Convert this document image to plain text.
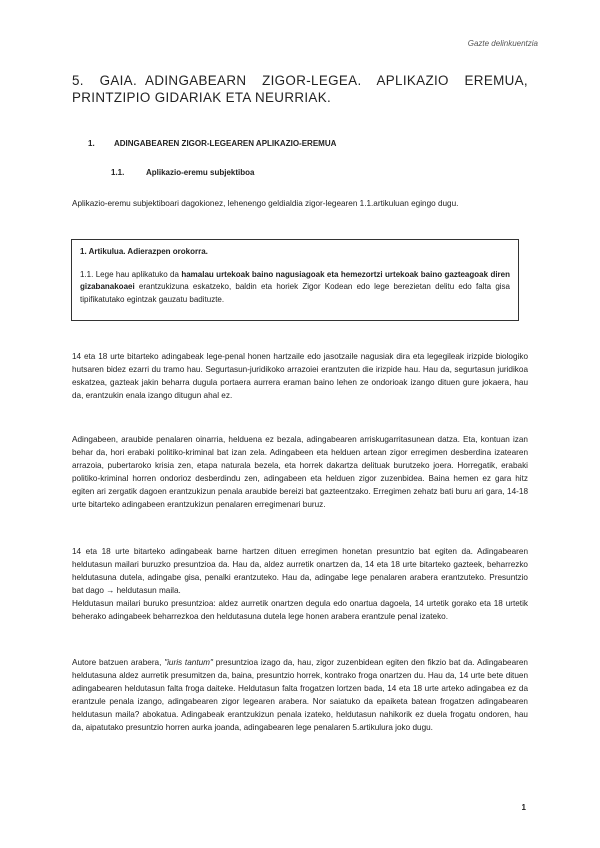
Gazte delinkuentzia
5. GAIA. ADINGABEARN ZIGOR-LEGEA. APLIKAZIO EREMUA, PRINTZIPIO GIDARIAK ETA NEURRIAK.
1. ADINGABEAREN ZIGOR-LEGEAREN APLIKAZIO-EREMUA
1.1.	Aplikazio-eremu subjektiboa

Aplikazio-eremu subjektiboari dagokionez, lehenengo geldialdia zigor-legearen 1.1.artikuluan egingo dugu.

1. Artikulua. Adierazpen orokorra.
1.1. Lege hau aplikatuko da hamalau urtekoak baino nagusiagoak eta hemezortzi urtekoak baino gazteagoak diren gizabanakoaei erantzukizuna eskatzeko, baldin eta horiek Zigor Kodean edo lege berezietan delitu edo falta gisa tipifikatutako egintzak gauzatu badituzte.

14 eta 18 urte bitarteko adingabeak lege-penal honen hartzaile edo jasotzaile nagusiak dira eta legegileak irizpide biologiko hutsaren bidez ezarri du tramo hau. Segurtasun-juridikoko arrazoiei erantzuten die irizpide hau. Hau da, segurtasun juridikoa eskatzea, gazteak jakin beharra dugula portaera aurrera eraman baino lehen ze ondorioak izango dituen gure jokaera, hau da, erantzukin enala izango ditugun ahal ez.

Adingabeen, araubide penalaren oinarria, helduena ez bezala, adingabearen arriskugarritasunean datza. Eta, kontuan izan behar da, hori erabaki politiko-kriminal bat izan zela. Adingabeen eta helduen artean zigor erregimen desberdina izatearen arrazoia, pubertaroko krisia zen, etapa naturala bezela, eta horrek dakartza delituak burutzeko joera. Horregatik, erabaki politiko-kriminal horren ondorioz desberdindu zen, adingabeen eta helduen zigor zuzenbidea. Baina hemen ez gara hitz egiten ari zergatik dagoen erantzukizun penala araubide bereizi bat gazteentzako. Erregimen zehatz bati buru ari gara, 14-18 urte bitarteko adingabeen erantzukizun penalaren erregimenari buruz.

14 eta 18 urte bitarteko adingabeak barne hartzen dituen erregimen honetan presuntzio bat egiten da. Adingabearen heldutasun mailari buruzko presuntzioa da. Hau da, aldez aurretik onartzen da, 14 eta 18 urte bitarteko gazteek, beharrezko heldutasuna dutela, adingabe gisa, penalki erantzuteko. Hau da, adingabe lege penalaren arabera erantzuteko. Presuntzio bat dago → heldutasun maila.

Heldutasun mailari buruko presuntzioa: aldez aurretik onartzen degula edo onartua dagoela, 14 urtetik gorako eta 18 urtetik beherako adingabeek beharrezkoa den heldutasuna dutela lege honen arabera erantzule penal izateko.

Autore batzuen arabera, "iuris tantum" presuntzioa izago da, hau, zigor zuzenbidean egiten den fikzio bat da. Adingabearen heldutasuna aldez aurretik presumitzen da, baina, presuntzio horrek, kontrako froga onartzen du. Hau da, 14 urte bete dituen adingabearen heldutasun falta froga daiteke. Heldutasun falta frogatzen lortzen bada, 14 eta 18 urte arteko adingabea ez da erantzule penala izango, adingabearen zigor legearen arabera. Nor saiatuko da epaiketa batean frogatzen adingabearen heldutasun maila? abokatua. Adingabeak erantzukizun penala izateko, heldutasun nahikorik ez duela frogatu ondoren, hau da, aipatutako presuntzio horren aurka joanda, adingabearen lege penalaren 5.artikulura joko dugu.

1
